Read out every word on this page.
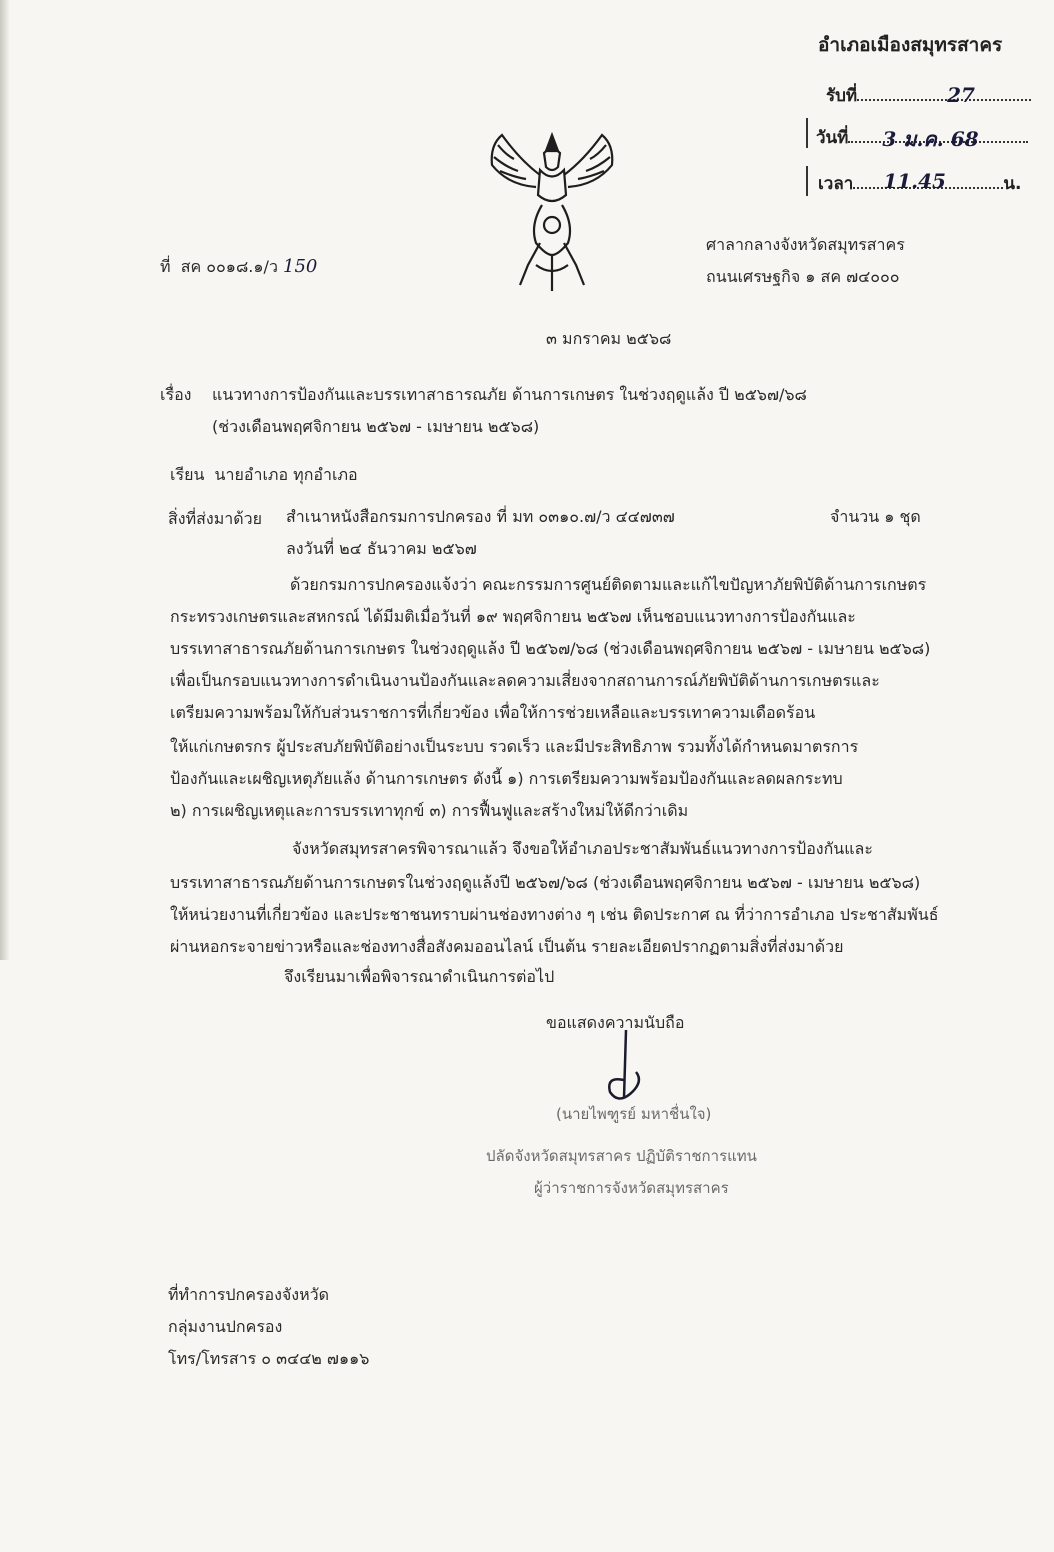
อำเภอเมืองสมุทรสาคร
รับที่	27
วันที่ 3 ม.ค. 68
เวลา 11.45	น.
ที่ สค ๐๐๑๘.๑/ว 150
ศาลากลางจังหวัดสมุทรสาคร
ถนนเศรษฐกิจ ๑ สค ๗๔๐๐๐
๓ มกราคม ๒๕๖๘
เรื่อง แนวทางการป้องกันและบรรเทาสาธารณภัย ด้านการเกษตร ในช่วงฤดูแล้ง ปี ๒๕๖๗/๖๘
(ช่วงเดือนพฤศจิกายน ๒๕๖๗ - เมษายน ๒๕๖๘)
เรียน นายอำเภอ ทุกอำเภอ
สิ่งที่ส่งมาด้วย สำเนาหนังสือกรมการปกครอง ที่ มท ๐๓๑๐.๗/ว ๔๔๗๓๗
ลงวันที่ ๒๔ ธันวาคม ๒๕๖๗
จำนวน ๑ ชุด
ด้วยกรมการปกครองแจ้งว่า คณะกรรมการศูนย์ติดตามและแก้ไขปัญหาภัยพิบัติด้านการเกษตร
กระทรวงเกษตรและสหกรณ์ ได้มีมติเมื่อวันที่ ๑๙ พฤศจิกายน ๒๕๖๗ เห็นชอบแนวทางการป้องกันและ
บรรเทาสาธารณภัยด้านการเกษตร ในช่วงฤดูแล้ง ปี ๒๕๖๗/๖๘ (ช่วงเดือนพฤศจิกายน ๒๕๖๗ - เมษายน ๒๕๖๘)
เพื่อเป็นกรอบแนวทางการดำเนินงานป้องกันและลดความเสี่ยงจากสถานการณ์ภัยพิบัติด้านการเกษตรและ
เตรียมความพร้อมให้กับส่วนราชการที่เกี่ยวข้อง เพื่อให้การช่วยเหลือและบรรเทาความเดือดร้อน
ให้แก่เกษตรกร ผู้ประสบภัยพิบัติอย่างเป็นระบบ รวดเร็ว และมีประสิทธิภาพ รวมทั้งได้กำหนดมาตรการ
ป้องกันและเผชิญเหตุภัยแล้ง ด้านการเกษตร ดังนี้ ๑) การเตรียมความพร้อมป้องกันและลดผลกระทบ
๒) การเผชิญเหตุและการบรรเทาทุกข์ ๓) การฟื้นฟูและสร้างใหม่ให้ดีกว่าเดิม
จังหวัดสมุทรสาครพิจารณาแล้ว จึงขอให้อำเภอประชาสัมพันธ์แนวทางการป้องกันและ
บรรเทาสาธารณภัยด้านการเกษตรในช่วงฤดูแล้งปี ๒๕๖๗/๖๘ (ช่วงเดือนพฤศจิกายน ๒๕๖๗ - เมษายน ๒๕๖๘)
ให้หน่วยงานที่เกี่ยวข้อง และประชาชนทราบผ่านช่องทางต่าง ๆ เช่น ติดประกาศ ณ ที่ว่าการอำเภอ ประชาสัมพันธ์
ผ่านหอกระจายข่าวหรือและช่องทางสื่อสังคมออนไลน์ เป็นต้น รายละเอียดปรากฏตามสิ่งที่ส่งมาด้วย
จึงเรียนมาเพื่อพิจารณาดำเนินการต่อไป
ขอแสดงความนับถือ
(นายไพฑูรย์ มหาชื่นใจ)
ปลัดจังหวัดสมุทรสาคร ปฏิบัติราชการแทน
ผู้ว่าราชการจังหวัดสมุทรสาคร
ที่ทำการปกครองจังหวัด
กลุ่มงานปกครอง
โทร/โทรสาร ๐ ๓๔๔๒ ๗๑๑๖
